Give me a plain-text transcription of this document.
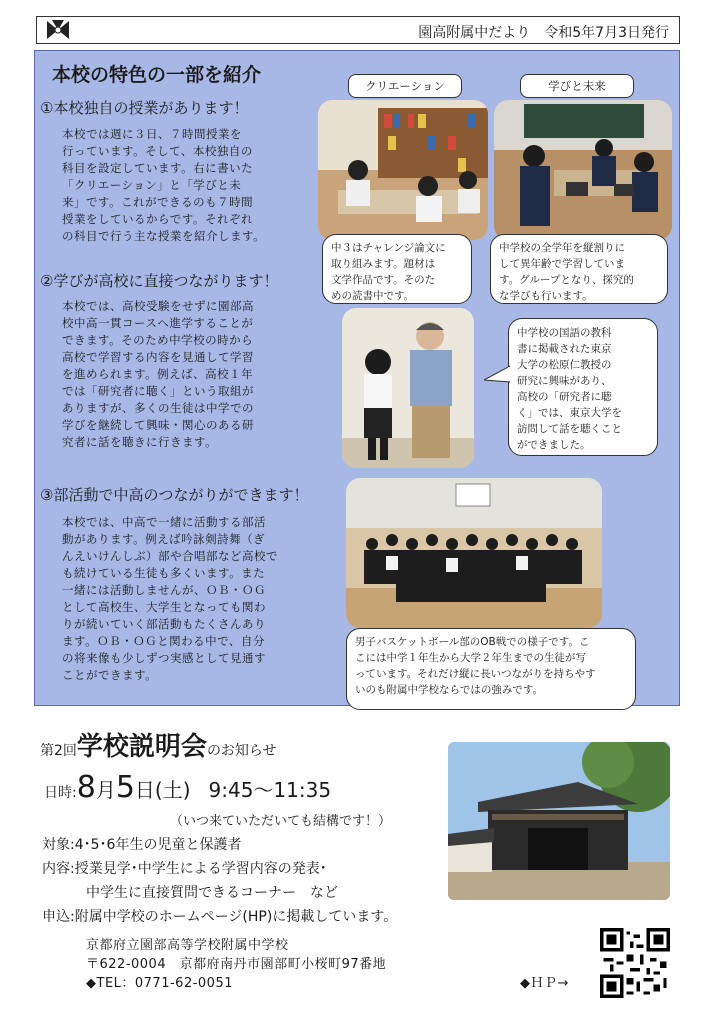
園高附属中だより　令和5年7月3日発行
本校の特色の一部を紹介
①本校独自の授業があります！
本校では週に３日、７時間授業を
行っています。そして、本校独自の
科目を設定しています。右に書いた
「クリエーション」と「学びと未
来」です。これができるのも７時間
授業をしているからです。それぞれ
の科目で行う主な授業を紹介します。
②学びが高校に直接つながります！
本校では、高校受験をせずに園部高
校中高一貫コースへ進学することが
できます。そのため中学校の時から
高校で学習する内容を見通して学習
を進められます。例えば、高校１年
では「研究者に聴く」という取組が
ありますが、多くの生徒は中学での
学びを継続して興味・関心のある研
究者に話を聴きに行きます。
③部活動で中高のつながりができます！
本校では、中高で一緒に活動する部活
動があります。例えば吟詠剣詩舞（ぎ
んえいけんしぶ）部や合唱部など高校で
も続けている生徒も多くいます。また
一緒には活動しませんが、ＯＢ・ＯＧ
として高校生、大学生となっても関わ
りが続いていく部活動もたくさんあり
ます。ＯＢ・ＯＧと関わる中で、自分
の将来像も少しずつ実感として見通す
ことができます。
クリエーション	学びと未来
中３はチャレンジ論文に
取り組みます。題材は
文学作品です。そのた
めの読書中です。
中学校の全学年を縦割りに
して異年齢で学習していま
す。グループとなり、探究的
な学びも行います。
中学校の国語の教科
書に掲載された東京
大学の松原仁教授の
研究に興味があり、
高校の「研究者に聴
く」では、東京大学を
訪問して話を聴くこと
ができました。
男子バスケットボール部のOB戦での様子です。こ
こには中学１年生から大学２年生までの生徒が写
っています。それだけ縦に長いつながりを持ちやす
いのも附属中学校ならではの強みです。
第2回学校説明会のお知らせ
日時:8月5日(土) 9:45〜11:35
（いつ来ていただいても結構です！）
対象:4･5･6年生の児童と保護者
内容:授業見学･中学生による学習内容の発表･
中学生に直接質問できるコーナー　など
申込:附属中学校のホームページ(HP)に掲載しています。
京都府立園部高等学校附属中学校
〒622-0004　京都府南丹市園部町小桜町97番地
◆TEL：0771-62-0051	◆ＨＰ→
